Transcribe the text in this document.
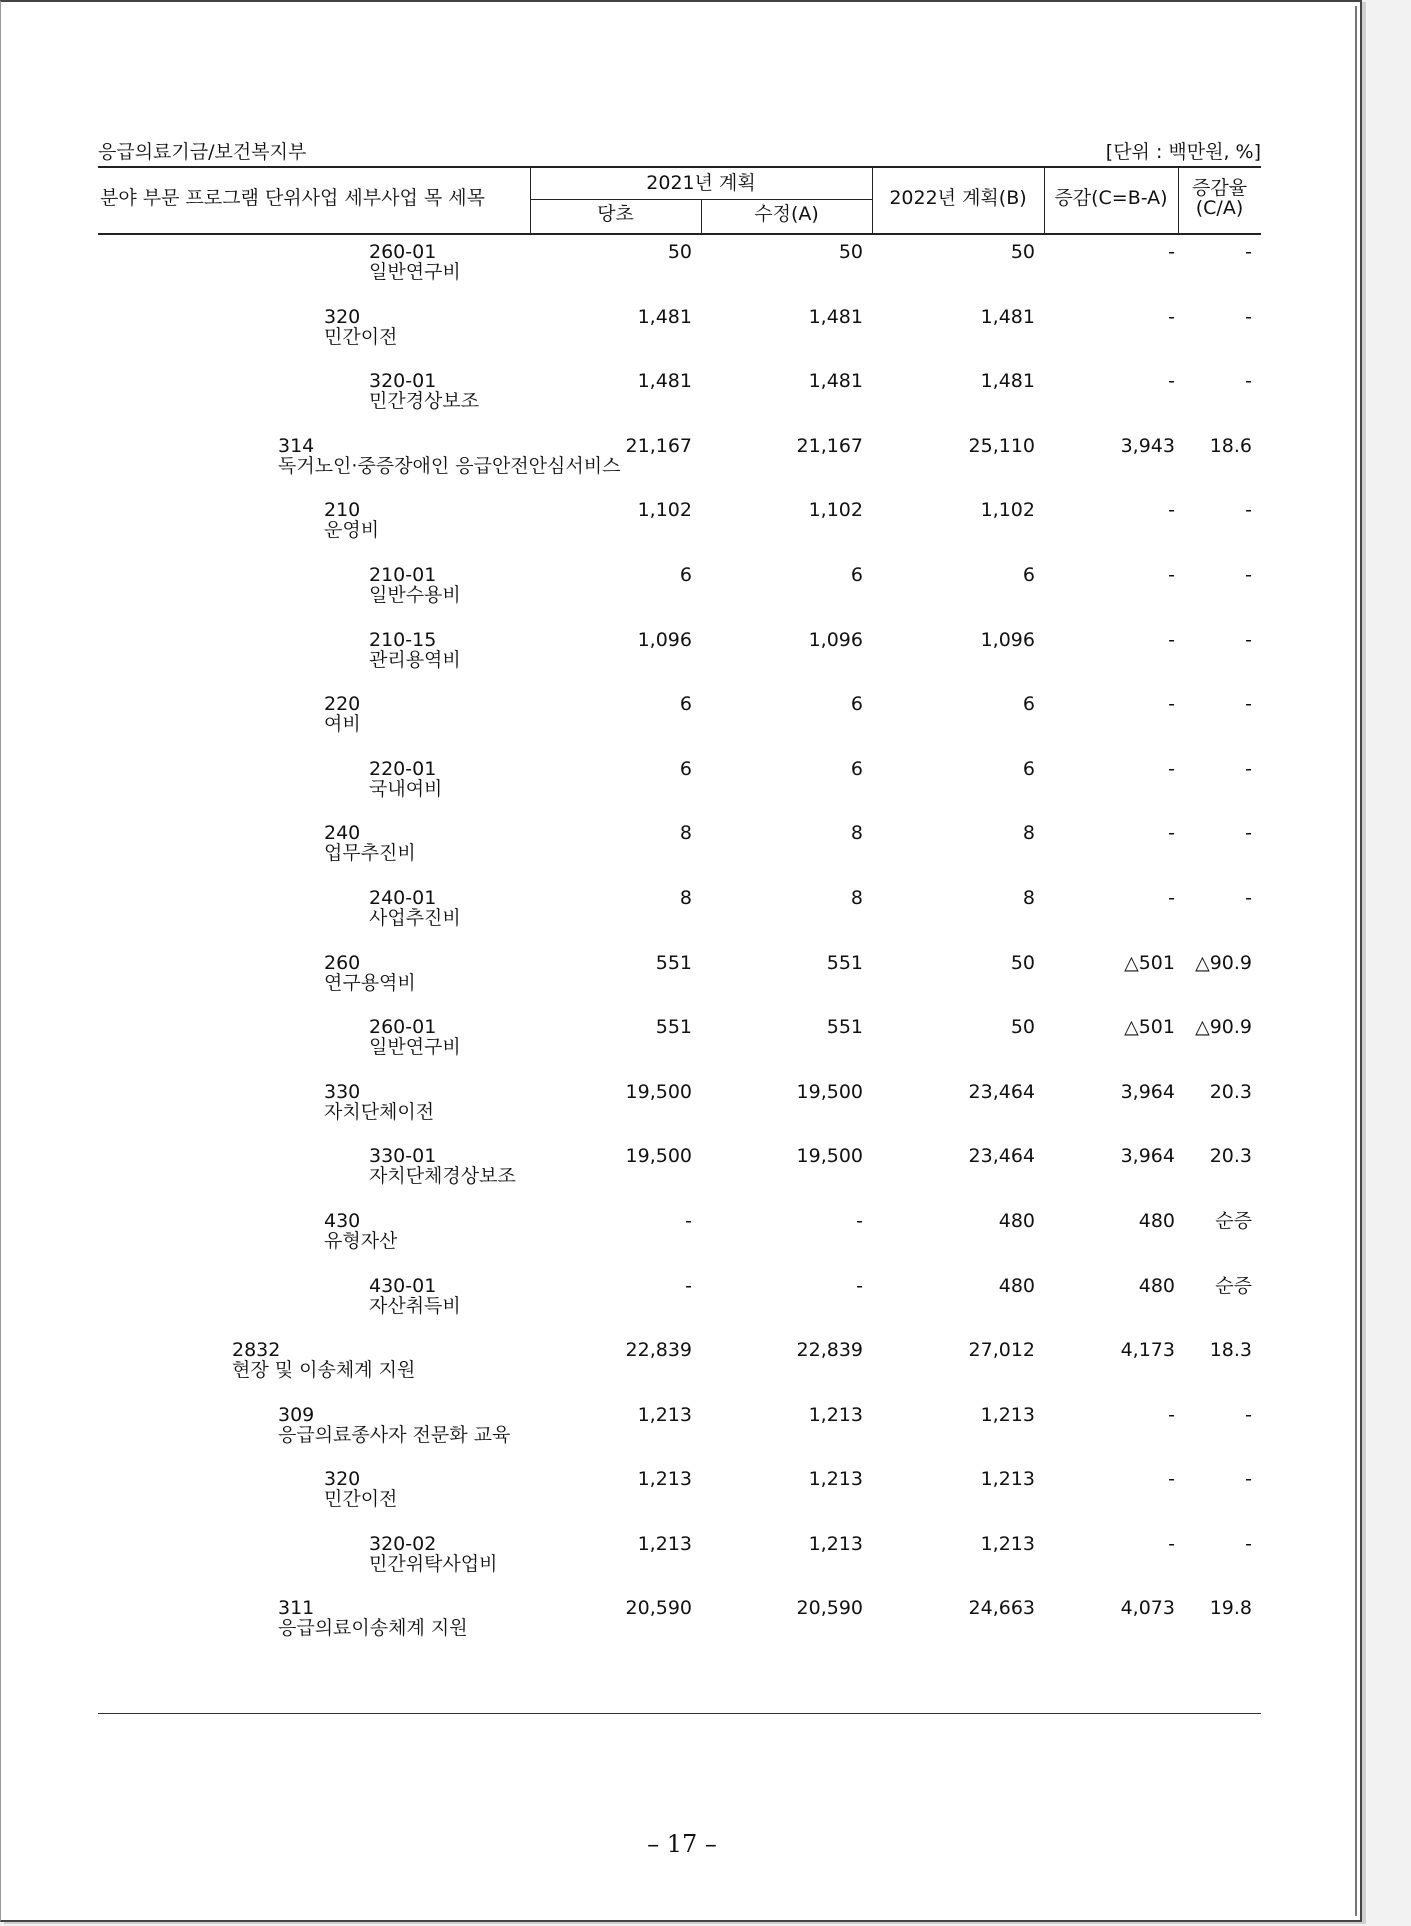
응급의료기금/보건복지부	[단위 : 백만원, %]
분야 부문 프로그램 단위사업 세부사업 목 세목
2021년 계획
당초	수정(A)
2022년 계획(B)	증감(C=B-A)	증감율
(C/A)
260-01
일반연구비
50	50	50	-	-
320
민간이전
1,481	1,481	1,481	-	-
320-01
민간경상보조
1,481	1,481	1,481	-	-
314
독거노인·중증장애인 응급안전안심서비스
21,167	21,167	25,110	3,943 18.6
210
운영비
1,102	1,102	1,102	-	-
210-01
일반수용비
6	6	6	-	-
210-15
관리용역비
1,096	1,096	1,096	-	-
220
여비
6	6	6	-	-
220-01
국내여비
6	6	6	-	-
240
업무추진비
8	8	8	-	-
240-01
사업추진비
8	8	8	-	-
260
연구용역비
551	551	50	△501 △90.9
260-01
일반연구비
551	551	50	△501 △90.9
330
자치단체이전
19,500	19,500	23,464	3,964 20.3
330-01
자치단체경상보조
19,500	19,500	23,464	3,964 20.3
430
유형자산
-	-	480	480 순증
430-01
자산취득비
-	-	480	480 순증
2832
현장 및 이송체계 지원
22,839	22,839	27,012	4,173 18.3
309
응급의료종사자 전문화 교육
1,213	1,213	1,213	-	-
320
민간이전
1,213	1,213	1,213	-	-
320-02
민간위탁사업비
1,213	1,213	1,213	-	-
311
응급의료이송체계 지원
20,590	20,590	24,663	4,073 19.8
– 17 –
